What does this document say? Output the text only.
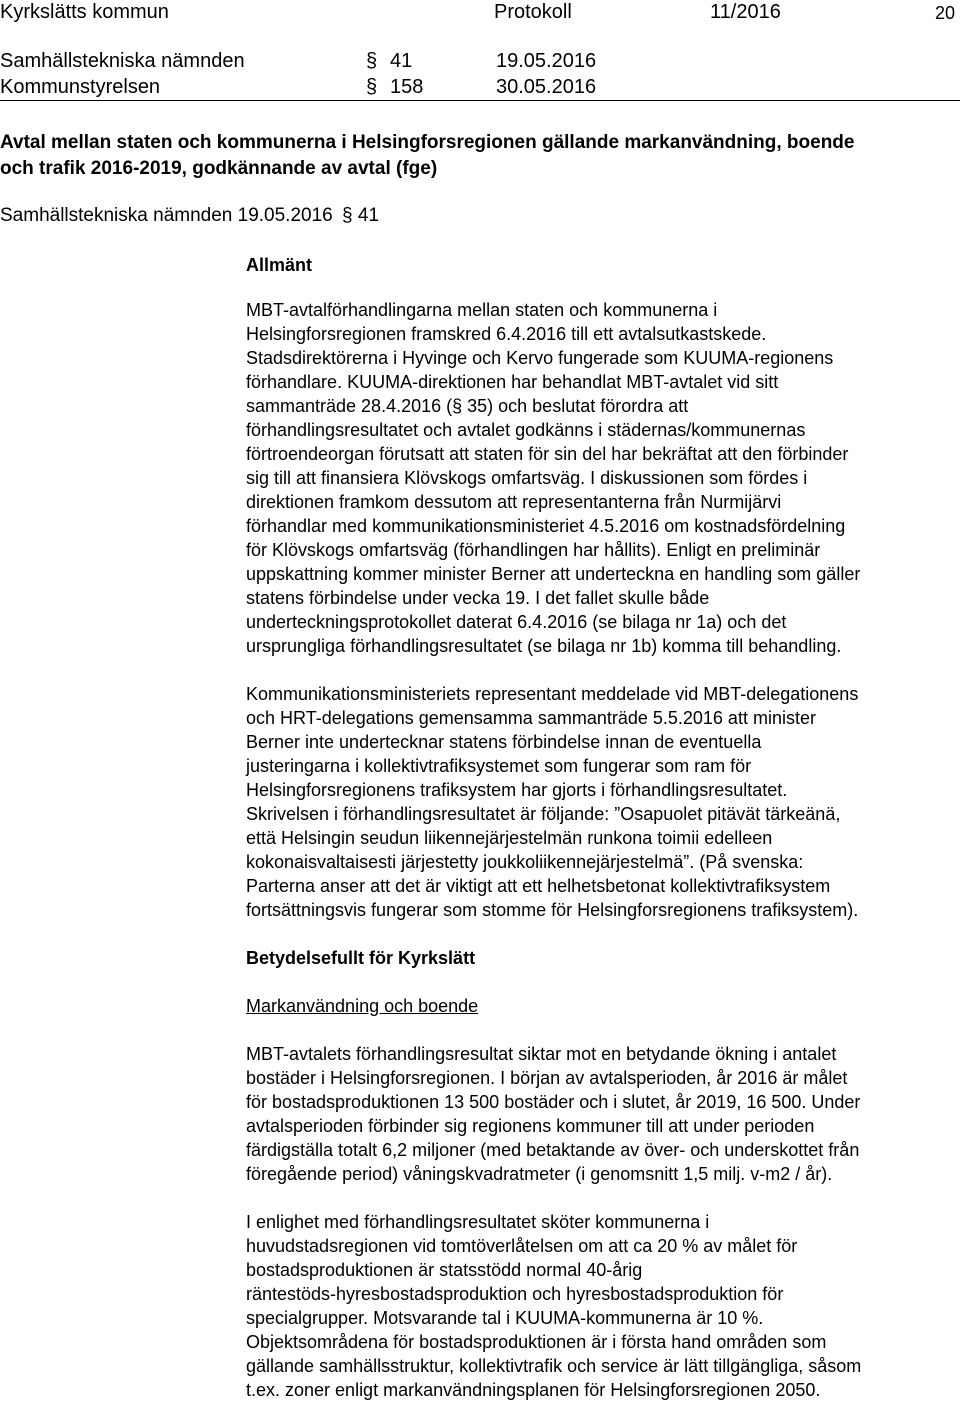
Kyrkslätts kommun	Protokoll	11/2016	20
Samhällstekniska nämnden	§ 41	19.05.2016
Kommunstyrelsen	§ 158	30.05.2016
Avtal mellan staten och kommunerna i Helsingforsregionen gällande markanvändning, boende
och trafik 2016-2019, godkännande av avtal (fge)
Samhällstekniska nämnden 19.05.2016 § 41
Allmänt
MBT-avtalförhandlingarna mellan staten och kommunerna i
Helsingforsregionen framskred 6.4.2016 till ett avtalsutkastskede.
Stadsdirektörerna i Hyvinge och Kervo fungerade som KUUMA-regionens
förhandlare. KUUMA-direktionen har behandlat MBT-avtalet vid sitt
sammanträde 28.4.2016 (§ 35) och beslutat förordra att
förhandlingsresultatet och avtalet godkänns i städernas/kommunernas
förtroendeorgan förutsatt att staten för sin del har bekräftat att den förbinder
sig till att finansiera Klövskogs omfartsväg. I diskussionen som fördes i
direktionen framkom dessutom att representanterna från Nurmijärvi
förhandlar med kommunikationsministeriet 4.5.2016 om kostnadsfördelning
för Klövskogs omfartsväg (förhandlingen har hållits). Enligt en preliminär
uppskattning kommer minister Berner att underteckna en handling som gäller
statens förbindelse under vecka 19. I det fallet skulle både
underteckningsprotokollet daterat 6.4.2016 (se bilaga nr 1a) och det
ursprungliga förhandlingsresultatet (se bilaga nr 1b) komma till behandling.
Kommunikationsministeriets representant meddelade vid MBT-delegationens
och HRT-delegations gemensamma sammanträde 5.5.2016 att minister
Berner inte undertecknar statens förbindelse innan de eventuella
justeringarna i kollektivtrafiksystemet som fungerar som ram för
Helsingforsregionens trafiksystem har gjorts i förhandlingsresultatet.
Skrivelsen i förhandlingsresultatet är följande: ”Osapuolet pitävät tärkeänä,
että Helsingin seudun liikennejärjestelmän runkona toimii edelleen
kokonaisvaltaisesti järjestetty joukkoliikennejärjestelmä”. (På svenska:
Parterna anser att det är viktigt att ett helhetsbetonat kollektivtrafiksystem
fortsättningsvis fungerar som stomme för Helsingforsregionens trafiksystem).
Betydelsefullt för Kyrkslätt
Markanvändning och boende
MBT-avtalets förhandlingsresultat siktar mot en betydande ökning i antalet
bostäder i Helsingforsregionen. I början av avtalsperioden, år 2016 är målet
för bostadsproduktionen 13 500 bostäder och i slutet, år 2019, 16 500. Under
avtalsperioden förbinder sig regionens kommuner till att under perioden
färdigställa totalt 6,2 miljoner (med betaktande av över- och underskottet från
föregående period) våningskvadratmeter (i genomsnitt 1,5 milj. v-m2 / år).
I enlighet med förhandlingsresultatet sköter kommunerna i
huvudstadsregionen vid tomtöverlåtelsen om att ca 20 % av målet för
bostadsproduktionen är statsstödd normal 40-årig
räntestöds-hyresbostadsproduktion och hyresbostadsproduktion för
specialgrupper. Motsvarande tal i KUUMA-kommunerna är 10 %.
Objektsområdena för bostadsproduktionen är i första hand områden som
gällande samhällsstruktur, kollektivtrafik och service är lätt tillgängliga, såsom
t.ex. zoner enligt markanvändningsplanen för Helsingforsregionen 2050.
